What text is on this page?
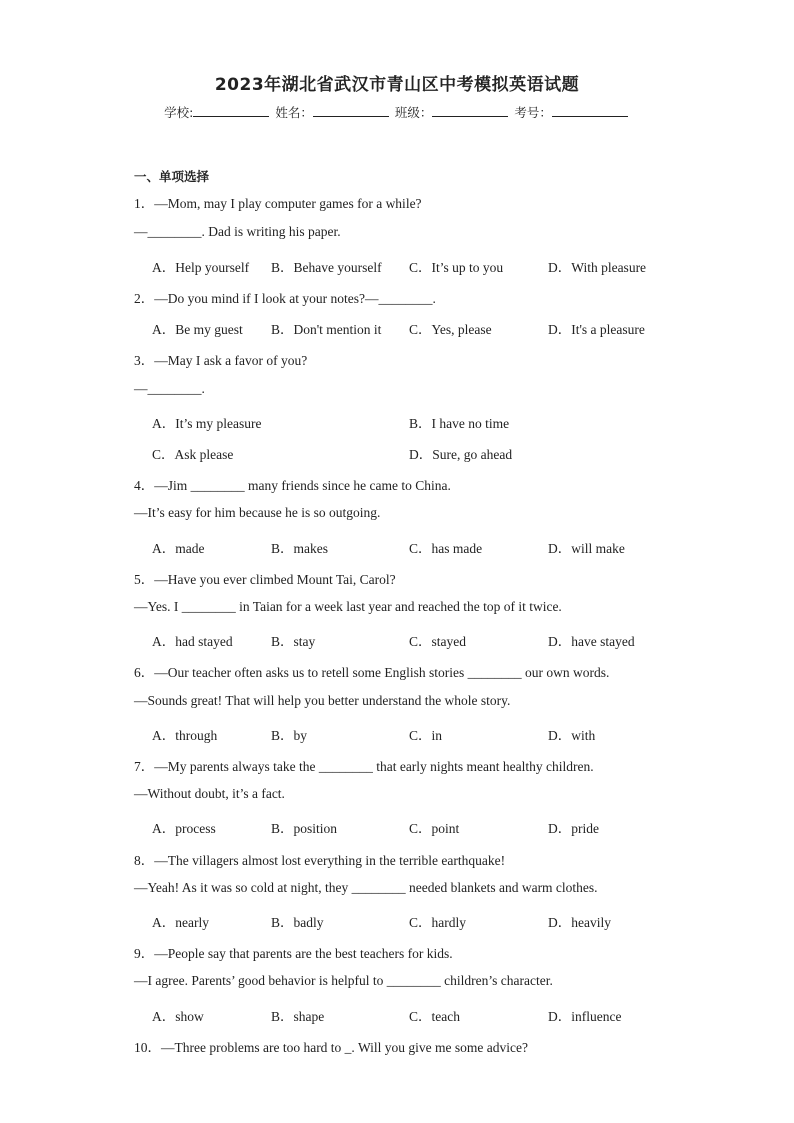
2023年湖北省武汉市青山区中考模拟英语试题
学校:	姓名：	班级：	考号：
一、单项选择
1．—Mom, may I play computer games for a while?
—________. Dad is writing his paper.
A．Help yourself B．Behave yourself C．It’s up to you	D．With pleasure
2．—Do you mind if I look at your notes?—________.
A．Be my guest B．Don't mention it C．Yes, please	D．It's a pleasure
3．—May I ask a favor of you?
—________.
A．It’s my pleasure	B．I have no time
C．Ask please	D．Sure, go ahead
4．—Jim ________ many friends since he came to China.
—It’s easy for him because he is so outgoing.
A．made	B．makes	C．has made	D．will make
5．—Have you ever climbed Mount Tai, Carol?
—Yes. I ________ in Taian for a week last year and reached the top of it twice.
A．had stayed	B．stay	C．stayed	D．have stayed
6．—Our teacher often asks us to retell some English stories ________ our own words.
—Sounds great! That will help you better understand the whole story.
A．through	B．by	C．in	D．with
7．—My parents always take the ________ that early nights meant healthy children.
—Without doubt, it’s a fact.
A．process	B．position	C．point	D．pride
8．—The villagers almost lost everything in the terrible earthquake!
—Yeah! As it was so cold at night, they ________ needed blankets and warm clothes.
A．nearly	B．badly	C．hardly	D．heavily
9．—People say that parents are the best teachers for kids.
—I agree. Parents’ good behavior is helpful to ________ children’s character.
A．show	B．shape	C．teach	D．influence
10．—Three problems are too hard to _. Will you give me some advice?
